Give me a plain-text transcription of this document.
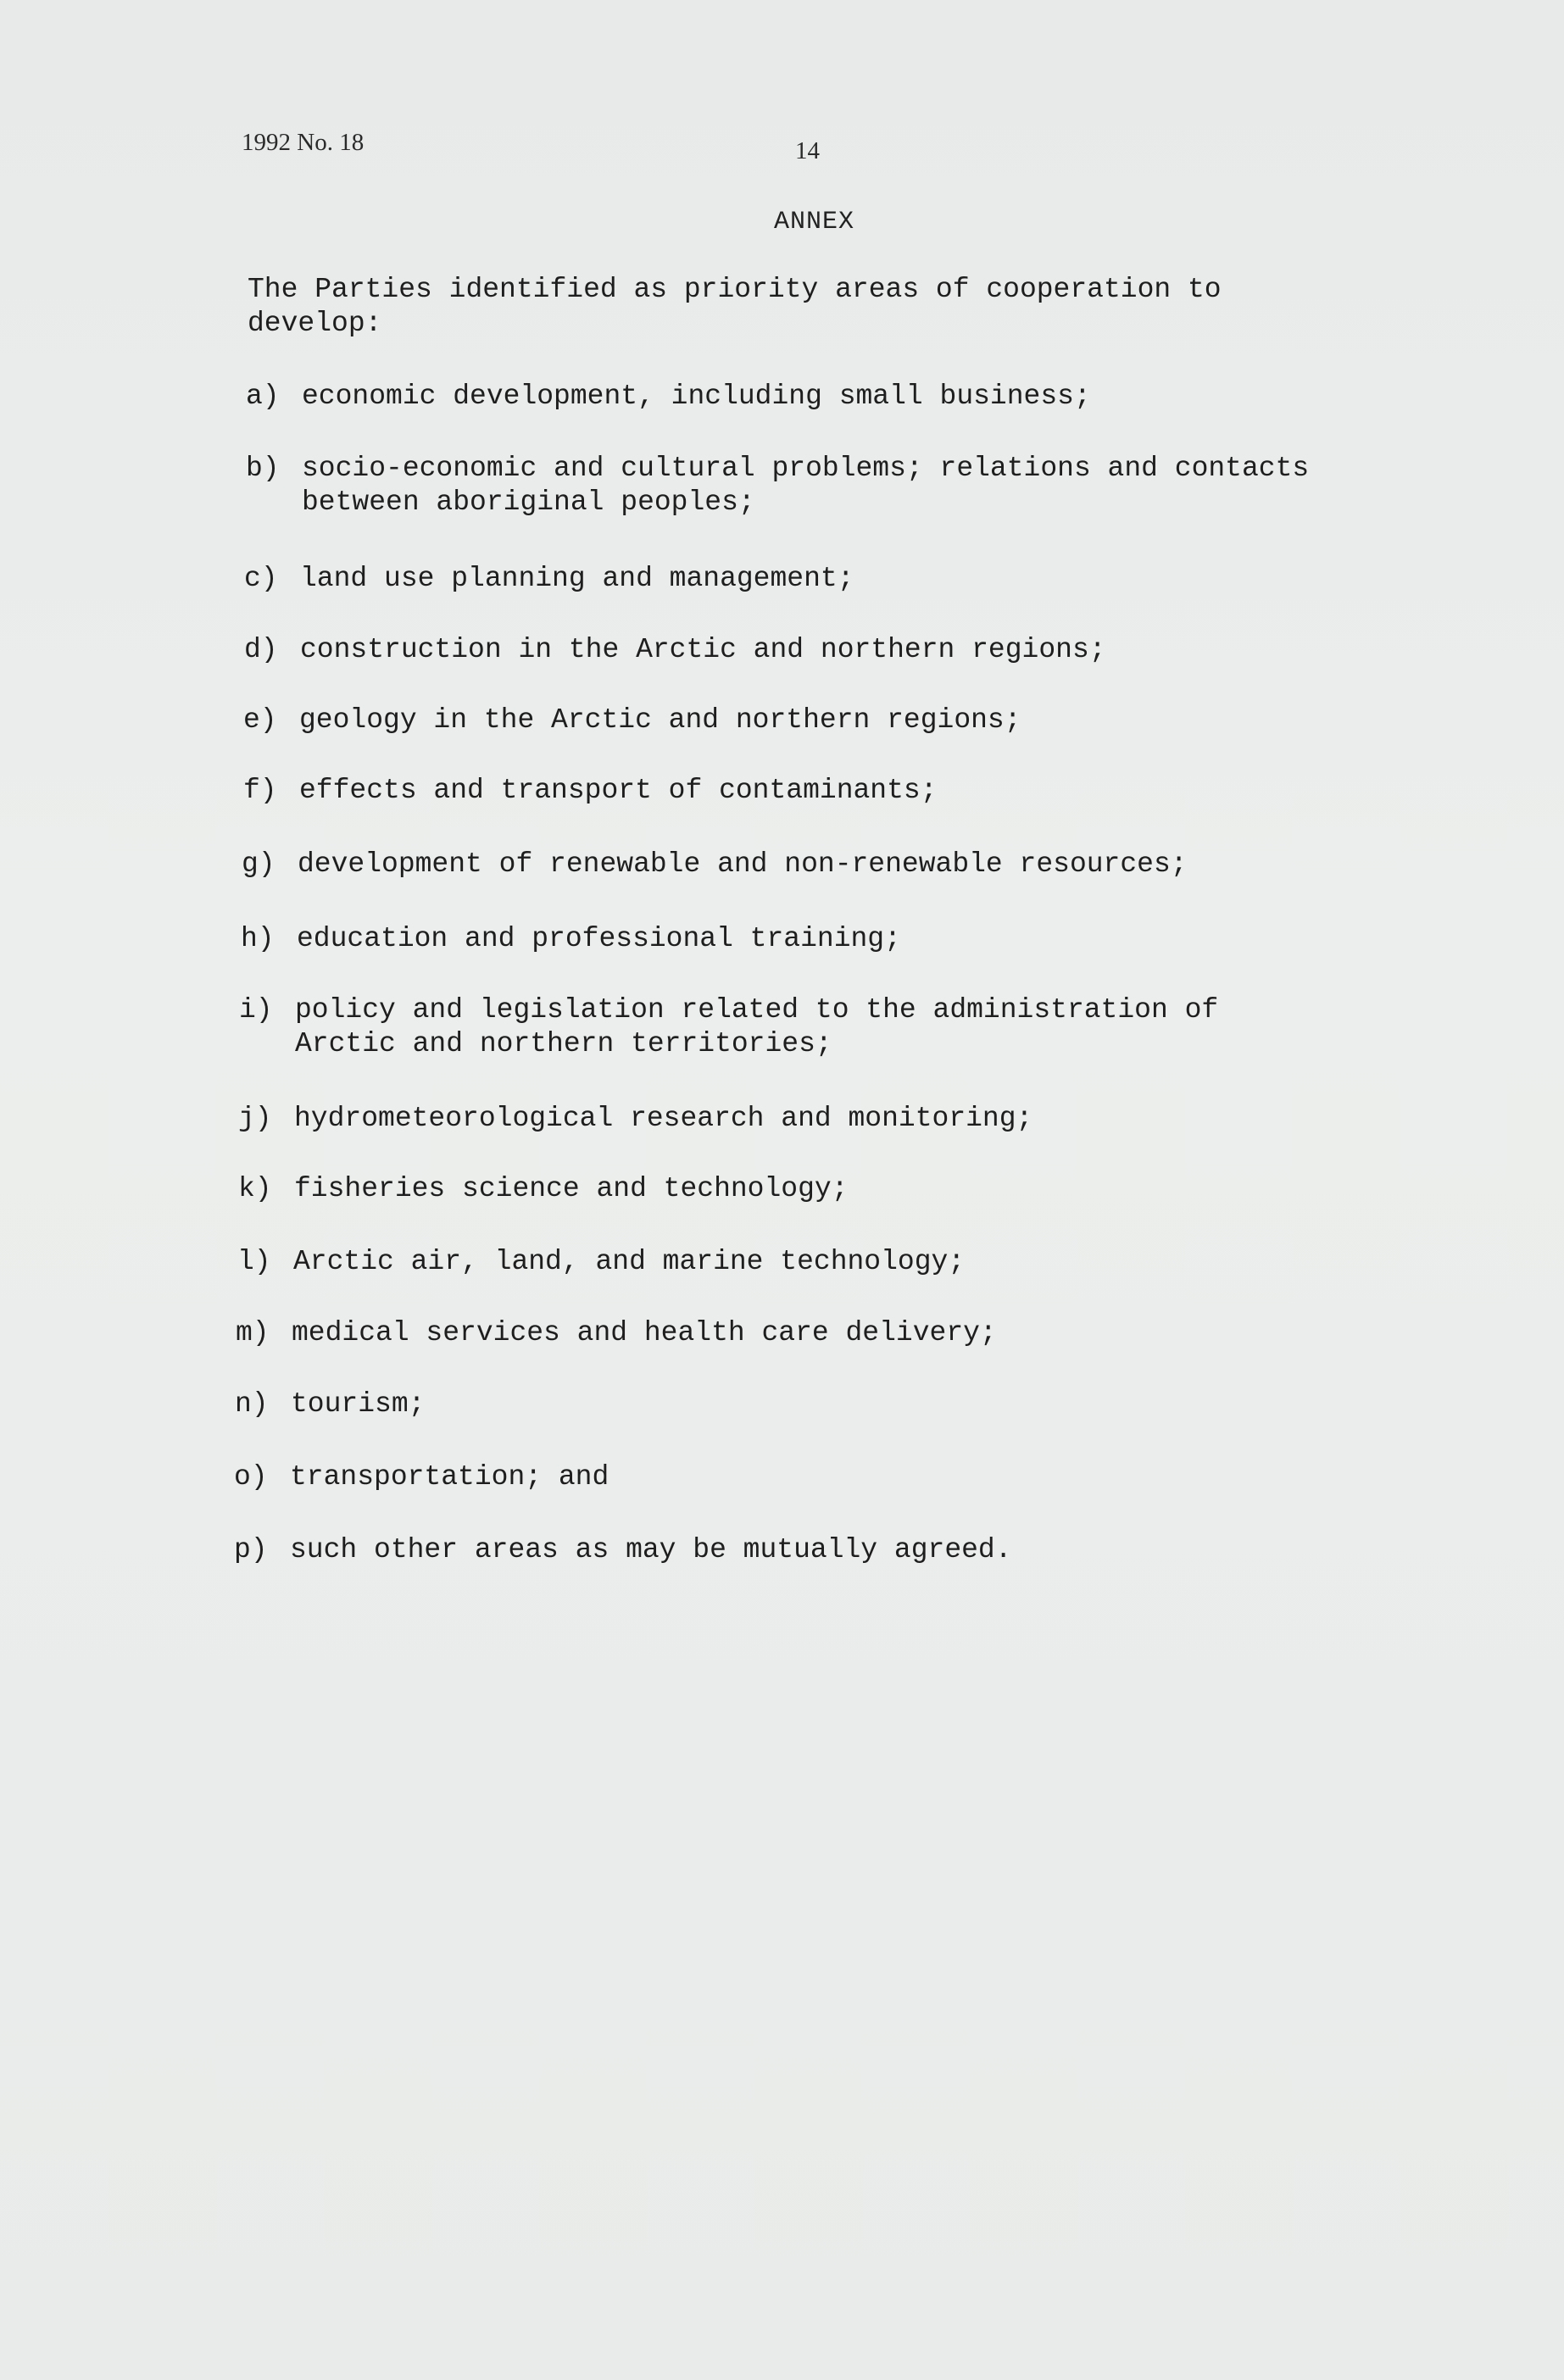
1992 No. 18	14
ANNEX
The Parties identified as priority areas of cooperation to
develop:
a) economic development, including small business;
b) socio-economic and cultural problems; relations and contacts
between aboriginal peoples;
c) land use planning and management;
d) construction in the Arctic and northern regions;
e) geology in the Arctic and northern regions;
f) effects and transport of contaminants;
g) development of renewable and non-renewable resources;
h) education and professional training;
i) policy and legislation related to the administration of
Arctic and northern territories;
j) hydrometeorological research and monitoring;
k) fisheries science and technology;
l) Arctic air, land, and marine technology;
m) medical services and health care delivery;
n) tourism;
o) transportation; and
p) such other areas as may be mutually agreed.
